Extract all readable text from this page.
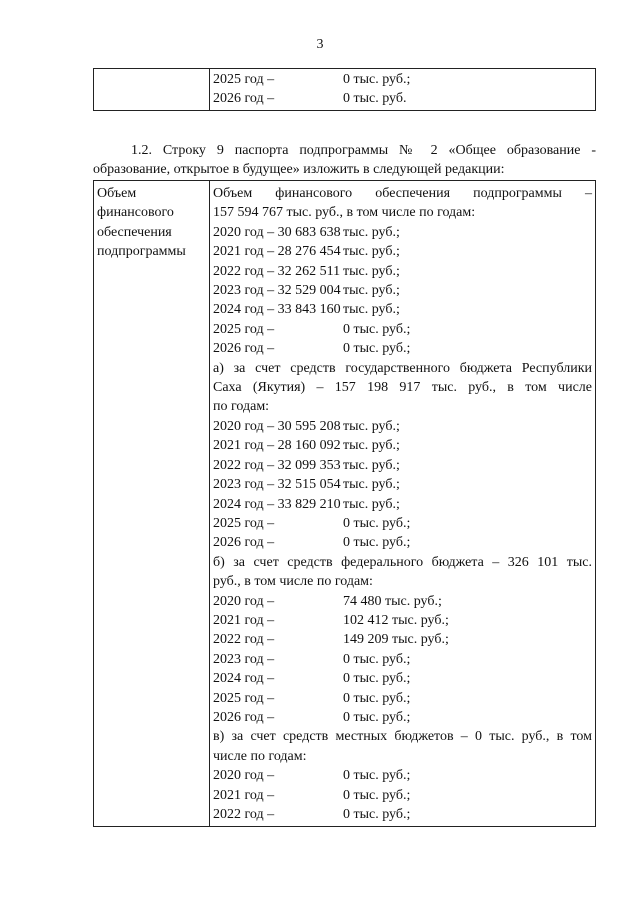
3

2025 год –	0 тыс. руб.;
2026 год –	0 тыс. руб.
1.2. Строку 9 паспорта подпрограммы № 2 «Общее образование -
образование, открытое в будущее» изложить в следующей редакции:
Объем
финансового
обеспечения
подпрограммы

Объем финансового обеспечения подпрограммы –
157 594 767 тыс. руб., в том числе по годам:
2020 год – 30 683 638 тыс. руб.;
2021 год – 28 276 454 тыс. руб.;
2022 год – 32 262 511 тыс. руб.;
2023 год – 32 529 004 тыс. руб.;
2024 год – 33 843 160 тыс. руб.;
2025 год –	0 тыс. руб.;
2026 год –	0 тыс. руб.;
а) за счет средств государственного бюджета Республики
Саха (Якутия) – 157 198 917 тыс. руб., в том числе
по годам:
2020 год – 30 595 208 тыс. руб.;
2021 год – 28 160 092 тыс. руб.;
2022 год – 32 099 353 тыс. руб.;
2023 год – 32 515 054 тыс. руб.;
2024 год – 33 829 210 тыс. руб.;
2025 год –	0 тыс. руб.;
2026 год –	0 тыс. руб.;
б) за счет средств федерального бюджета – 326 101 тыс.
руб., в том числе по годам:
2020 год –	74 480 тыс. руб.;
2021 год –	102 412 тыс. руб.;
2022 год –	149 209 тыс. руб.;
2023 год –	0 тыс. руб.;
2024 год –	0 тыс. руб.;
2025 год –	0 тыс. руб.;
2026 год –	0 тыс. руб.;
в) за счет средств местных бюджетов – 0 тыс. руб., в том
числе по годам:
2020 год –	0 тыс. руб.;
2021 год –	0 тыс. руб.;
2022 год –	0 тыс. руб.;
